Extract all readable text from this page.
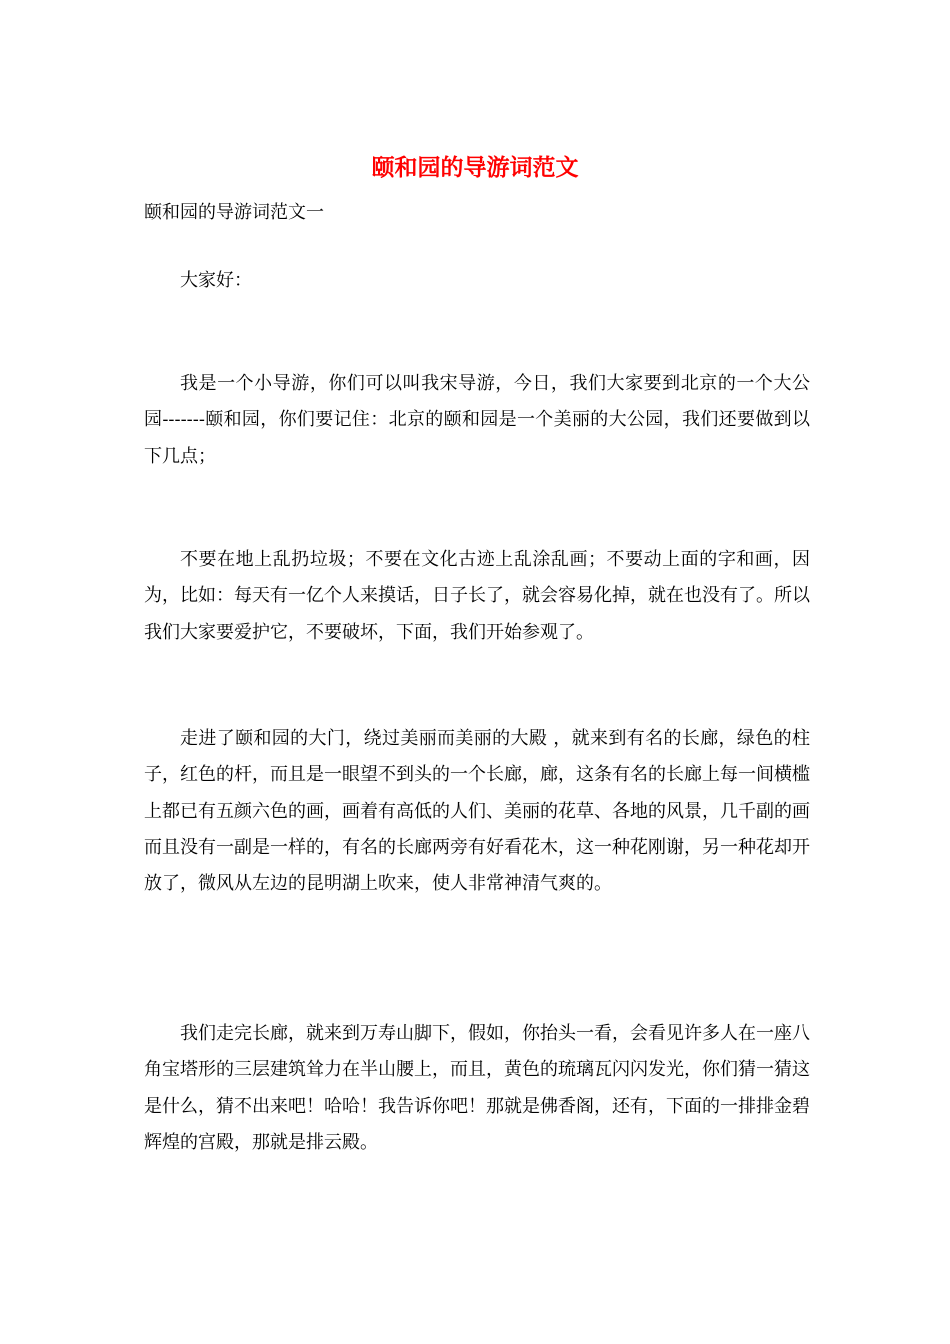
颐和园的导游词范文
颐和园的导游词范文一

大家好：

我是一个小导游，你们可以叫我宋导游，今日，我们大家要到北京的一个大公园-------颐和园，你们要记住：北京的颐和园是一个美丽的大公园，我们还要做到以下几点；

不要在地上乱扔垃圾；不要在文化古迹上乱涂乱画；不要动上面的字和画，因为，比如：每天有一亿个人来摸话，日子长了，就会容易化掉，就在也没有了。所以我们大家要爱护它，不要破坏，下面，我们开始参观了。

走进了颐和园的大门，绕过美丽而美丽的大殿 ，就来到有名的长廊，绿色的柱子，红色的杆，而且是一眼望不到头的一个长廊，廊，这条有名的长廊上每一间横槛上都已有五颜六色的画，画着有高低的人们、美丽的花草、各地的风景，几千副的画而且没有一副是一样的，有名的长廊两旁有好看花木，这一种花刚谢，另一种花却开放了，微风从左边的昆明湖上吹来，使人非常神清气爽的。

我们走完长廊，就来到万寿山脚下，假如，你抬头一看，会看见许多人在一座八角宝塔形的三层建筑耸力在半山腰上，而且，黄色的琉璃瓦闪闪发光，你们猜一猜这是什么，猜不出来吧！哈哈！我告诉你吧！那就是佛香阁，还有，下面的一排排金碧辉煌的宫殿，那就是排云殿。
